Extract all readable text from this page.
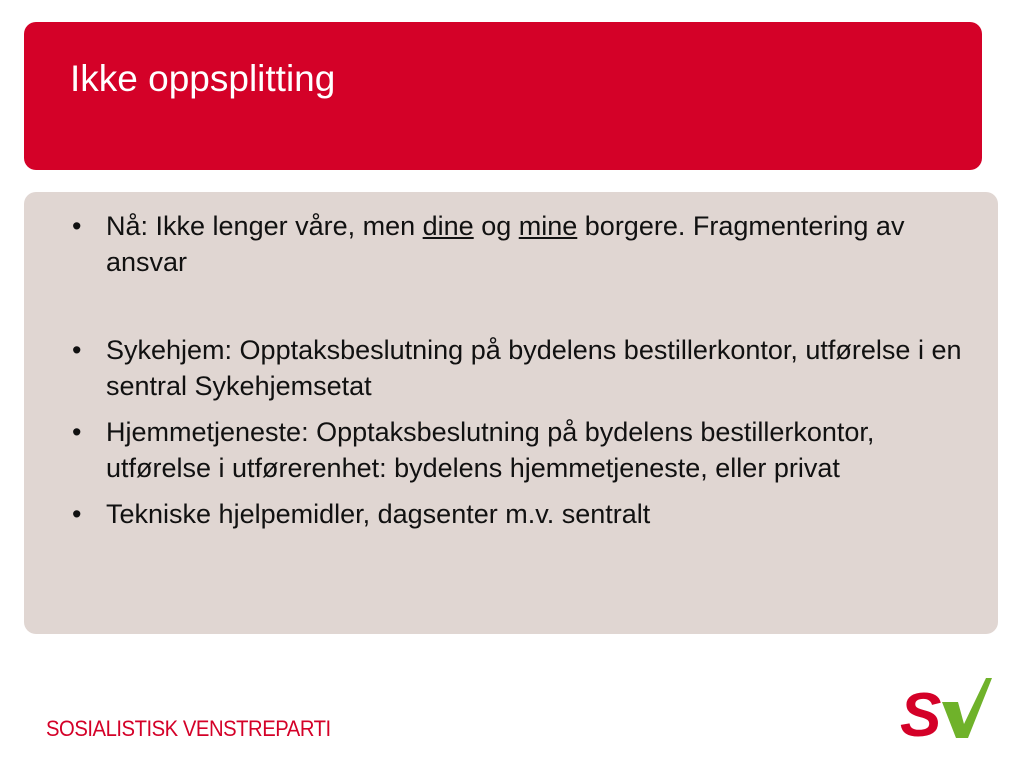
Ikke oppsplitting
• Nå: Ikke lenger våre, men dine og mine borgere. Fragmentering av ansvar
• Sykehjem: Opptaksbeslutning på bydelens bestillerkontor, utførelse i en sentral Sykehjemsetat
• Hjemmetjeneste: Opptaksbeslutning på bydelens bestillerkontor, utførelse i utførerenhet: bydelens hjemmetjeneste, eller privat
• Tekniske hjelpemidler, dagsenter m.v. sentralt
SOSIALISTISK VENSTREPARTI	S
